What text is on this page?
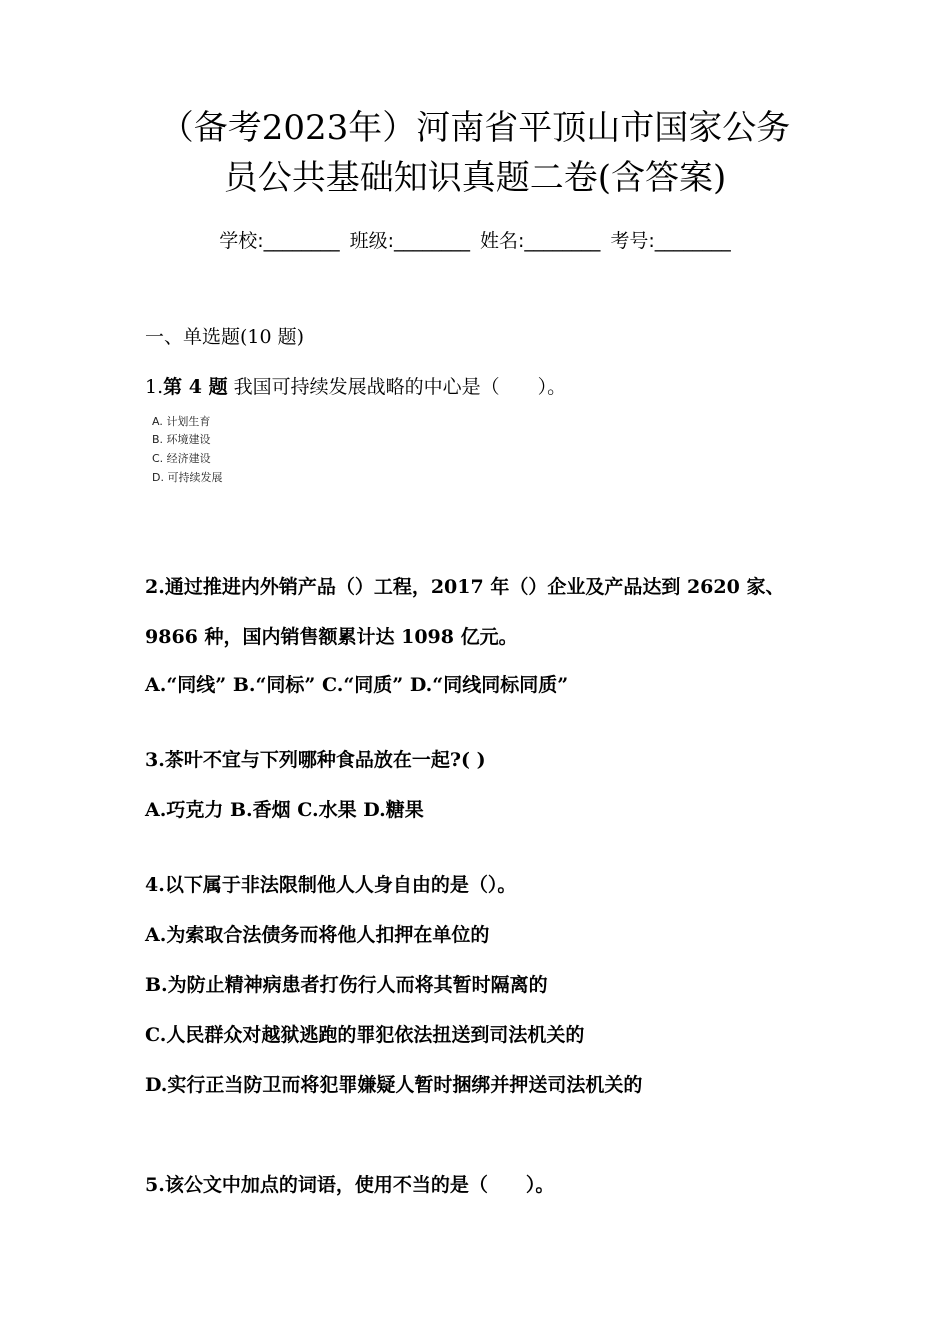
（备考2023年）河南省平顶山市国家公务
员公共基础知识真题二卷(含答案)
学校:________ 班级:________ 姓名:________ 考号:________
一、单选题(10 题)
1.第 4 题 我国可持续发展战略的中心是（　　）。
A. 计划生育
B. 环境建设
C. 经济建设
D. 可持续发展
2.通过推进内外销产品（）工程，2017 年（）企业及产品达到 2620 家、
9866 种，国内销售额累计达 1098 亿元。
A.“同线” B.“同标” C.“同质” D.“同线同标同质”
3.茶叶不宜与下列哪种食品放在一起?( )
A.巧克力 B.香烟 C.水果 D.糖果
4.以下属于非法限制他人人身自由的是（）。
A.为索取合法债务而将他人扣押在单位的
B.为防止精神病患者打伤行人而将其暂时隔离的
C.人民群众对越狱逃跑的罪犯依法扭送到司法机关的
D.实行正当防卫而将犯罪嫌疑人暂时捆绑并押送司法机关的
5.该公文中加点的词语，使用不当的是（　　）。
